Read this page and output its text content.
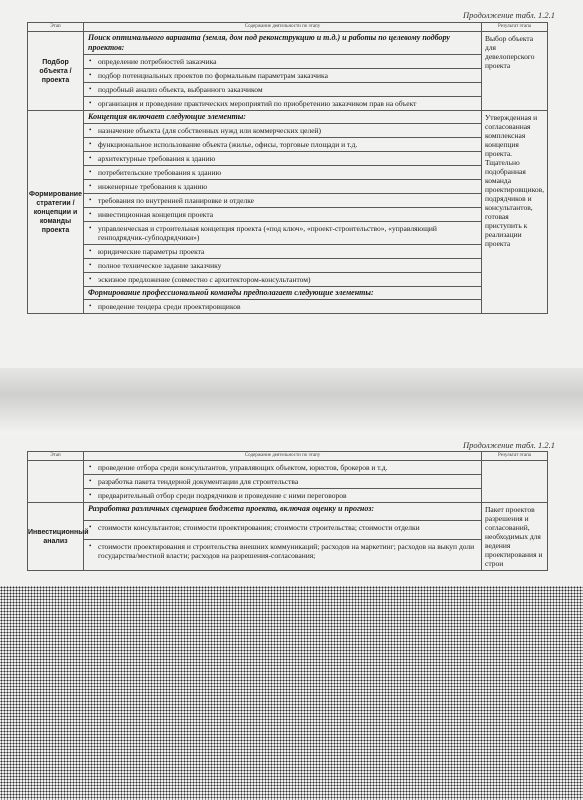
Продолжение табл. 1.2.1
Этап	Содержание деятельности по этапу	Результат этапа
Подбор объекта / проекта	Поиск оптимального варианта (земля, дом под реконструкцию и т.д.) и работы по целевому подбору проектов:	Выбор объекта для девелоперского проекта

	• определение потребностей заказчика	

	• подбор потенциальных проектов по формальным параметрам заказчика	

	• подробный анализ объекта, выбранного заказчиком	

	• организация и проведение практических мероприятий по приобретению заказчиком прав на объект	
Формирование стратегии / концепции и команды проекта	Концепция включает следующие элементы:	Утвержденная и согласованная комплексная концепция проекта. Тщательно подобранная команда проектировщиков, подрядчиков и консультантов, готовая приступить к реализации проекта

	• назначение объекта (для собственных нужд или коммерческих целей)	

	• функциональное использование объекта (жилье, офисы, торговые площади и т.д.	

	• архитектурные требования к зданию	

	• потребительские требования к зданию	

	• инженерные требования к зданию	

	• требования по внутренней планировке и отделке	

	• инвестиционная концепция проекта	

	• управленческая и строительная концепция проекта («под ключ», «проект-строительство», «управляющий генподрядчик-субподрядчики»)	

	• юридические параметры проекта	

	• полное техническое задание заказчику	

	• эскизное предложение (совместно с архитектором-консультантом)	
	Формирование профессиональной команды предполагает следующие элементы:	

	• проведение тендера среди проектировщиков	
Продолжение табл. 1.2.1
Этап	Содержание деятельности по этапу	Результат этапа

	• проведение отбора среди консультантов, управляющих объектом, юристов, брокеров и т.д.	

	• разработка пакета тендерной документации для строительства	

	• предварительный отбор среди подрядчиков и проведение с ними переговоров	
Инвестиционный анализ	Разработка различных сценариев бюджета проекта, включая оценку и прогноз:	Пакет проектов разрешения и согласований, необходимых для ведения проектирования и строи

	• стоимости консультантов; стоимости проектирования; стоимости строительства; стоимости отделки	

	• стоимости проектирования и строительства внешних коммуникаций; расходов на маркетинг; расходов на выкуп доли государства/местной власти; расходов на разрешения-согласования;	
